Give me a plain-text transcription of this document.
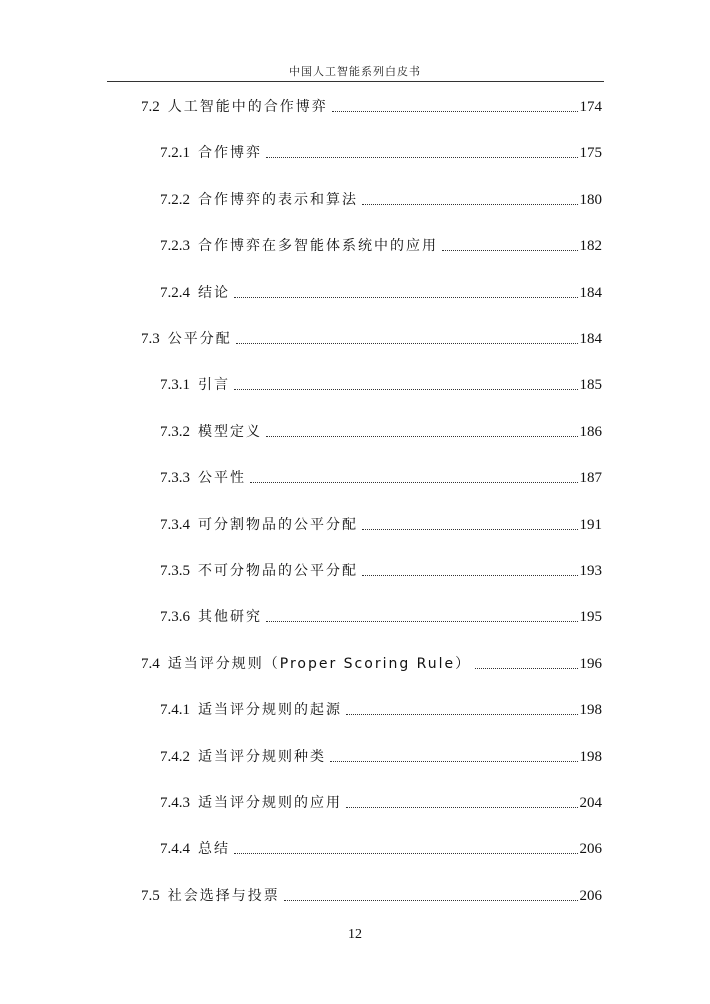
中国人工智能系列白皮书
7.2 人工智能中的合作博弈	174
7.2.1 合作博弈	175
7.2.2 合作博弈的表示和算法	180
7.2.3 合作博弈在多智能体系统中的应用	182
7.2.4 结论	184
7.3 公平分配	184
7.3.1 引言	185
7.3.2 模型定义	186
7.3.3 公平性	187
7.3.4 可分割物品的公平分配	191
7.3.5 不可分物品的公平分配	193
7.3.6 其他研究	195
7.4 适当评分规则（Proper Scoring Rule）	196
7.4.1 适当评分规则的起源	198
7.4.2 适当评分规则种类	198
7.4.3 适当评分规则的应用	204
7.4.4 总结	206
7.5 社会选择与投票	206
12
